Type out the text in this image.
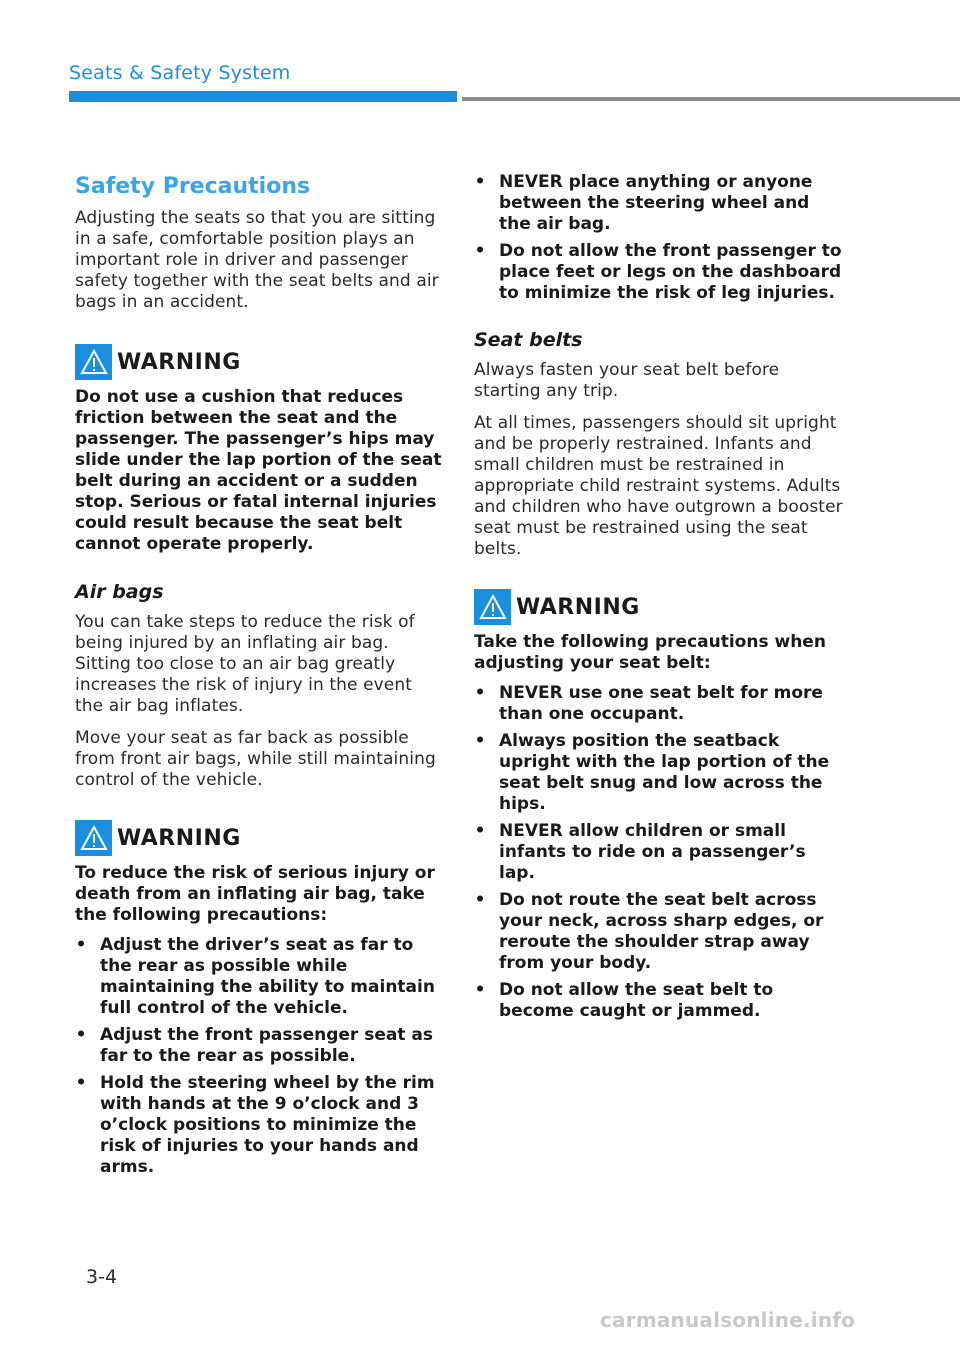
Seats & Safety System
Safety Precautions

Adjusting the seats so that you are sitting in a safe, comfortable position plays an important role in driver and passenger safety together with the seat belts and air bags in an accident.

WARNING

Do not use a cushion that reduces friction between the seat and the passenger. The passenger’s hips may slide under the lap portion of the seat belt during an accident or a sudden stop. Serious or fatal internal injuries could result because the seat belt cannot operate properly.

Air bags

You can take steps to reduce the risk of being injured by an inflating air bag. Sitting too close to an air bag greatly increases the risk of injury in the event the air bag inflates.

Move your seat as far back as possible from front air bags, while still maintaining control of the vehicle.

WARNING

To reduce the risk of serious injury or death from an inflating air bag, take the following precautions:

• Adjust the driver’s seat as far to the rear as possible while maintaining the ability to maintain full control of the vehicle.
• Adjust the front passenger seat as far to the rear as possible.
• Hold the steering wheel by the rim with hands at the 9 o’clock and 3 o’clock positions to minimize the risk of injuries to your hands and arms.
• NEVER place anything or anyone between the steering wheel and the air bag.
• Do not allow the front passenger to place feet or legs on the dashboard to minimize the risk of leg injuries.
Seat belts

Always fasten your seat belt before starting any trip.

At all times, passengers should sit upright and be properly restrained. Infants and small children must be restrained in appropriate child restraint systems. Adults and children who have outgrown a booster seat must be restrained using the seat belts.

WARNING

Take the following precautions when adjusting your seat belt:

• NEVER use one seat belt for more than one occupant.
• Always position the seatback upright with the lap portion of the seat belt snug and low across the hips.
• NEVER allow children or small infants to ride on a passenger’s lap.
• Do not route the seat belt across your neck, across sharp edges, or reroute the shoulder strap away from your body.
• Do not allow the seat belt to become caught or jammed.
3-4
carmanualsonline.info
